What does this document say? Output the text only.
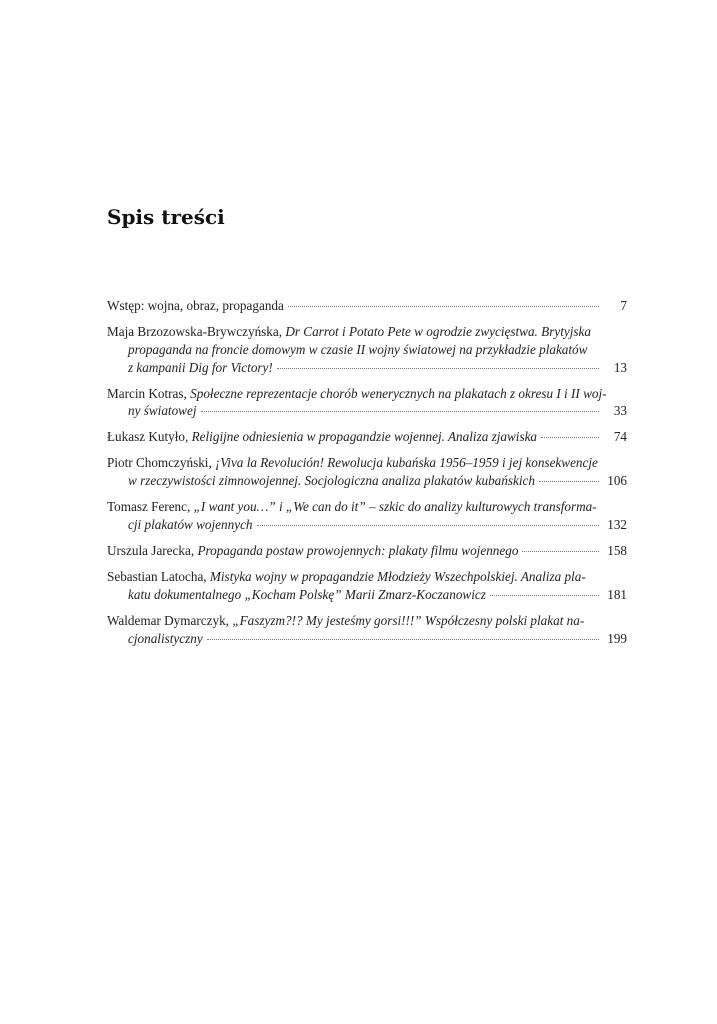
Spis treści
Wstęp: wojna, obraz, propaganda	7
Maja Brzozowska-Brywczyńska, Dr Carrot i Potato Pete w ogrodzie zwycięstwa. Brytyjska
propaganda na froncie domowym w czasie II wojny światowej na przykładzie plakatów
z kampanii Dig for Victory!	13
Marcin Kotras, Społeczne reprezentacje chorób wenerycznych na plakatach z okresu I i II woj-
ny światowej	33
Łukasz Kutyło, Religijne odniesienia w propagandzie wojennej. Analiza zjawiska	74
Piotr Chomczyński, ¡Viva la Revolución! Rewolucja kubańska 1956–1959 i jej konsekwencje
w rzeczywistości zimnowojennej. Socjologiczna analiza plakatów kubańskich	106
Tomasz Ferenc, „I want you…” i „We can do it” – szkic do analizy kulturowych transforma-
cji plakatów wojennych	132
Urszula Jarecka, Propaganda postaw prowojennych: plakaty filmu wojennego	158
Sebastian Latocha, Mistyka wojny w propagandzie Młodzieży Wszechpolskiej. Analiza pla-
katu dokumentalnego „Kocham Polskę” Marii Zmarz-Koczanowicz	181
Waldemar Dymarczyk, „Faszyzm?!? My jesteśmy gorsi!!!” Współczesny polski plakat na-
cjonalistyczny	199
